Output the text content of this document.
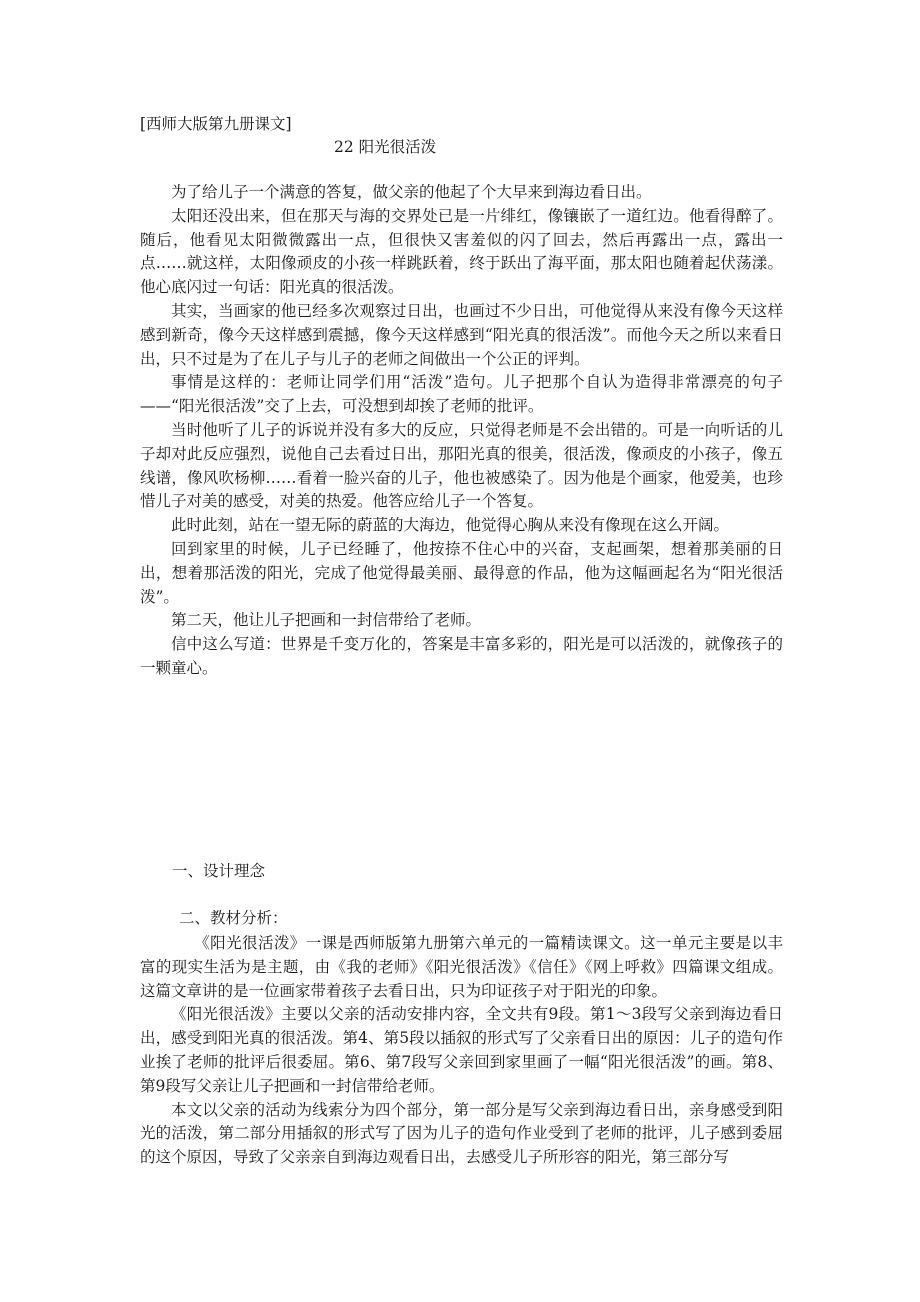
[西师大版第九册课文]
22 阳光很活泼

为了给儿子一个满意的答复，做父亲的他起了个大早来到海边看日出。

太阳还没出来，但在那天与海的交界处已是一片绯红，像镶嵌了一道红边。他看得醉了。随后，他看见太阳微微露出一点，但很快又害羞似的闪了回去，然后再露出一点，露出一点……就这样，太阳像顽皮的小孩一样跳跃着，终于跃出了海平面，那太阳也随着起伏荡漾。他心底闪过一句话：阳光真的很活泼。

其实，当画家的他已经多次观察过日出，也画过不少日出，可他觉得从来没有像今天这样感到新奇，像今天这样感到震撼，像今天这样感到“阳光真的很活泼”。而他今天之所以来看日出，只不过是为了在儿子与儿子的老师之间做出一个公正的评判。

事情是这样的：老师让同学们用“活泼”造句。儿子把那个自认为造得非常漂亮的句子——“阳光很活泼”交了上去，可没想到却挨了老师的批评。

当时他听了儿子的诉说并没有多大的反应，只觉得老师是不会出错的。可是一向听话的儿子却对此反应强烈，说他自己去看过日出，那阳光真的很美，很活泼，像顽皮的小孩子，像五线谱，像风吹杨柳……看着一脸兴奋的儿子，他也被感染了。因为他是个画家，他爱美，也珍惜儿子对美的感受，对美的热爱。他答应给儿子一个答复。

此时此刻，站在一望无际的蔚蓝的大海边，他觉得心胸从来没有像现在这么开阔。

回到家里的时候，儿子已经睡了，他按捺不住心中的兴奋，支起画架，想着那美丽的日出，想着那活泼的阳光，完成了他觉得最美丽、最得意的作品，他为这幅画起名为“阳光很活泼”。

第二天，他让儿子把画和一封信带给了老师。

信中这么写道：世界是千变万化的，答案是丰富多彩的，阳光是可以活泼的，就像孩子的一颗童心。

一、设计理念
二、教材分析：

《阳光很活泼》一课是西师版第九册第六单元的一篇精读课文。这一单元主要是以丰富的现实生活为是主题，由《我的老师》《阳光很活泼》《信任》《网上呼救》四篇课文组成。 这篇文章讲的是一位画家带着孩子去看日出，只为印证孩子对于阳光的印象。

《阳光很活泼》主要以父亲的活动安排内容，全文共有9段。第1～3段写父亲到海边看日出，感受到阳光真的很活泼。第4、第5段以插叙的形式写了父亲看日出的原因：儿子的造句作业挨了老师的批评后很委屈。第6、第7段写父亲回到家里画了一幅“阳光很活泼”的画。第8、第9段写父亲让儿子把画和一封信带给老师。

本文以父亲的活动为线索分为四个部分，第一部分是写父亲到海边看日出，亲身感受到阳光的活泼，第二部分用插叙的形式写了因为儿子的造句作业受到了老师的批评，儿子感到委屈的这个原因，导致了父亲亲自到海边观看日出，去感受儿子所形容的阳光，第三部分写
